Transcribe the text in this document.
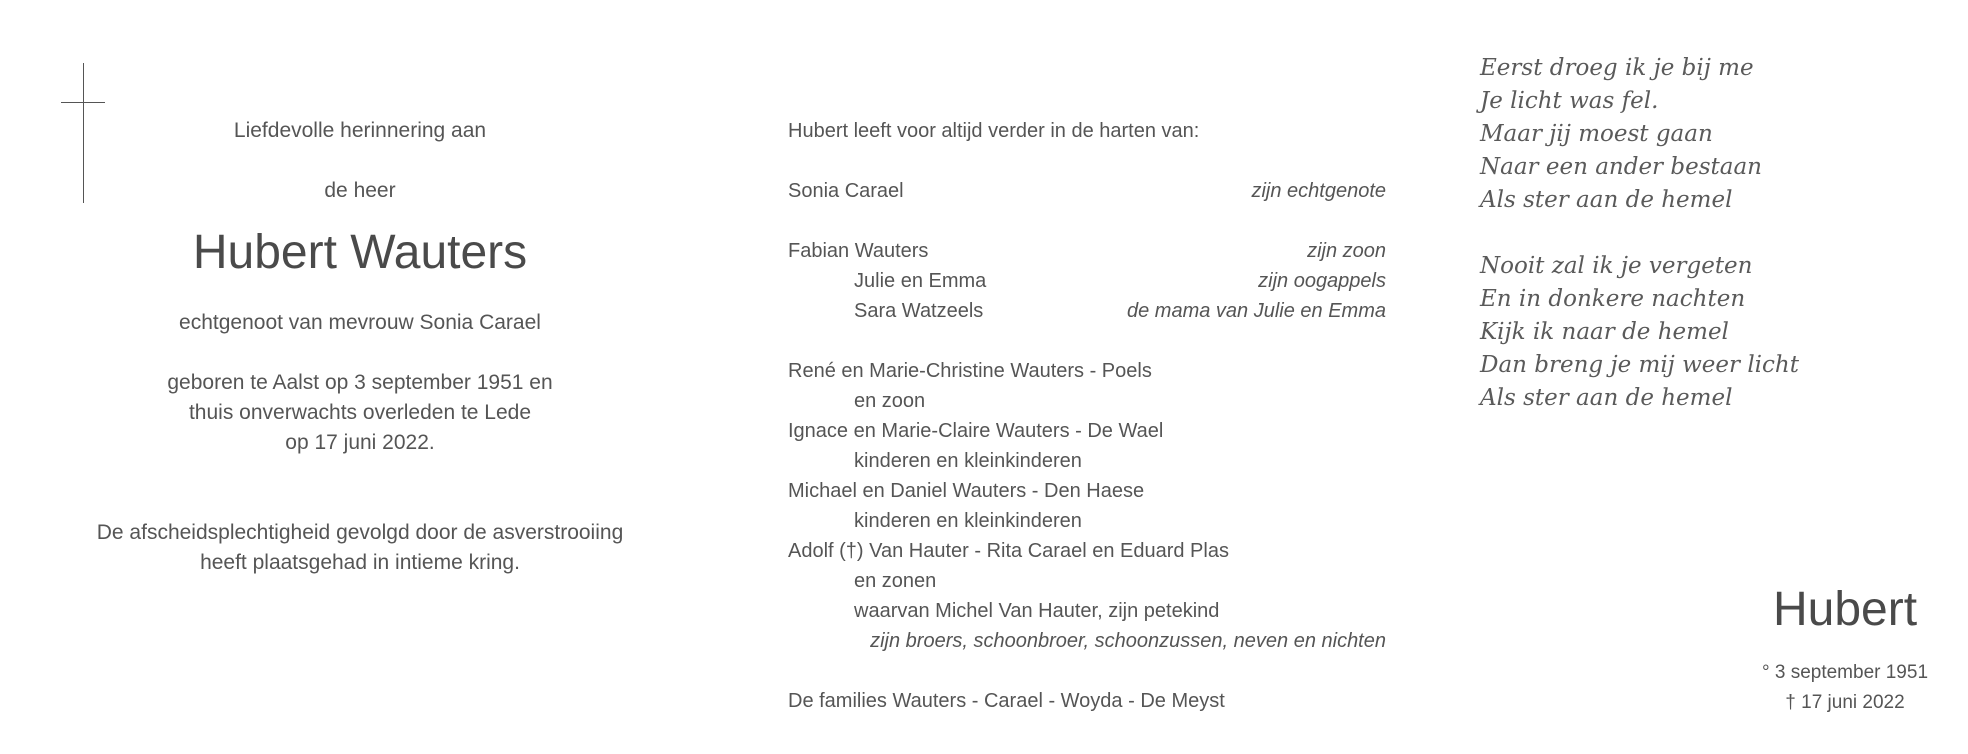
Liefdevolle herinnering aan
de heer
Hubert Wauters
echtgenoot van mevrouw Sonia Carael
geboren te Aalst op 3 september 1951 en
thuis onverwachts overleden te Lede
op 17 juni 2022.
De afscheidsplechtigheid gevolgd door de asverstrooiing
heeft plaatsgehad in intieme kring.
Hubert leeft voor altijd verder in de harten van:
Sonia Carael	zijn echtgenote
Fabian Wauters	zijn zoon
Julie en Emma	zijn oogappels
Sara Watzeels	de mama van Julie en Emma
René en Marie-Christine Wauters - Poels
en zoon
Ignace en Marie-Claire Wauters - De Wael
kinderen en kleinkinderen
Michael en Daniel Wauters - Den Haese
kinderen en kleinkinderen
Adolf (†) Van Hauter - Rita Carael en Eduard Plas
en zonen
waarvan Michel Van Hauter, zijn petekind
zijn broers, schoonbroer, schoonzussen, neven en nichten
De families Wauters - Carael - Woyda - De Meyst
Eerst droeg ik je bij me
Je licht was fel.
Maar jij moest gaan
Naar een ander bestaan
Als ster aan de hemel
Nooit zal ik je vergeten
En in donkere nachten
Kijk ik naar de hemel
Dan breng je mij weer licht
Als ster aan de hemel
Hubert
° 3 september 1951
† 17 juni 2022
